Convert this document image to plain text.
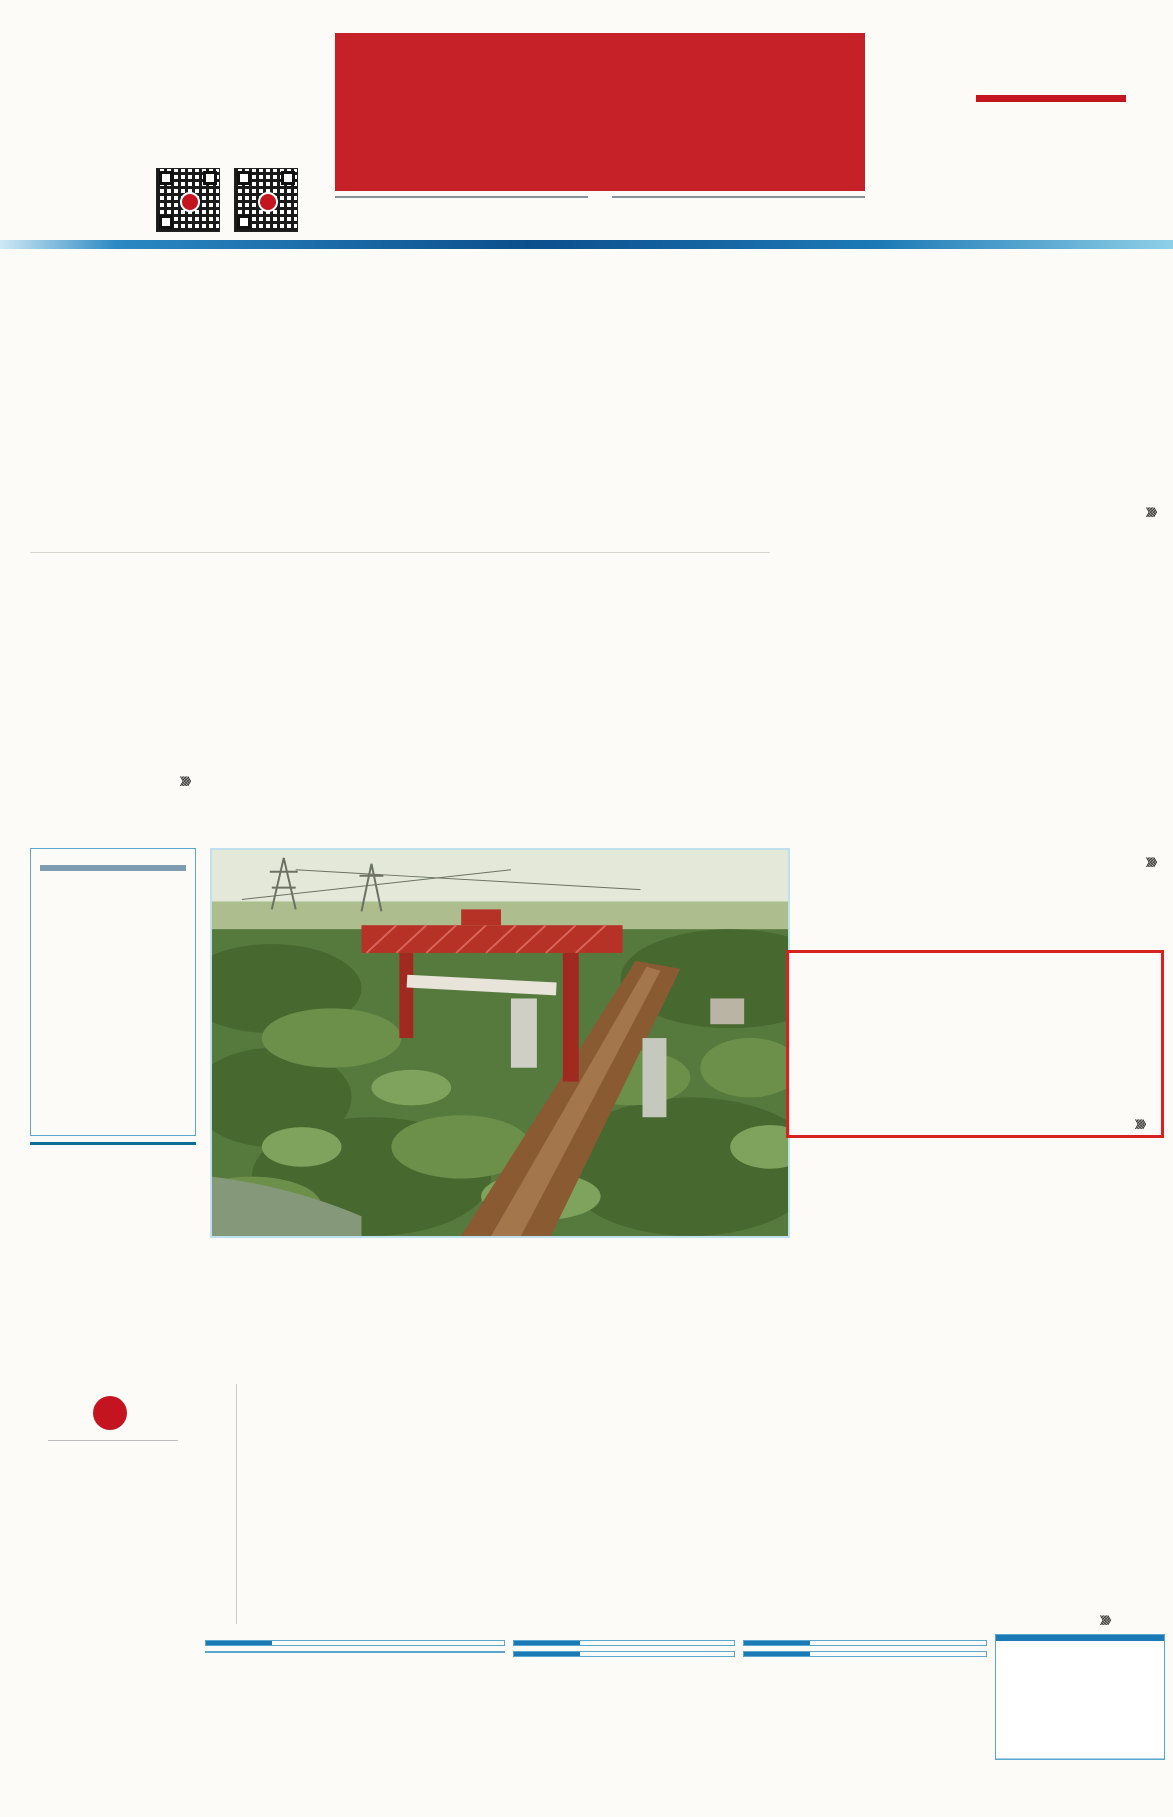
》》》
》》》
》》》
》》》
》》》
